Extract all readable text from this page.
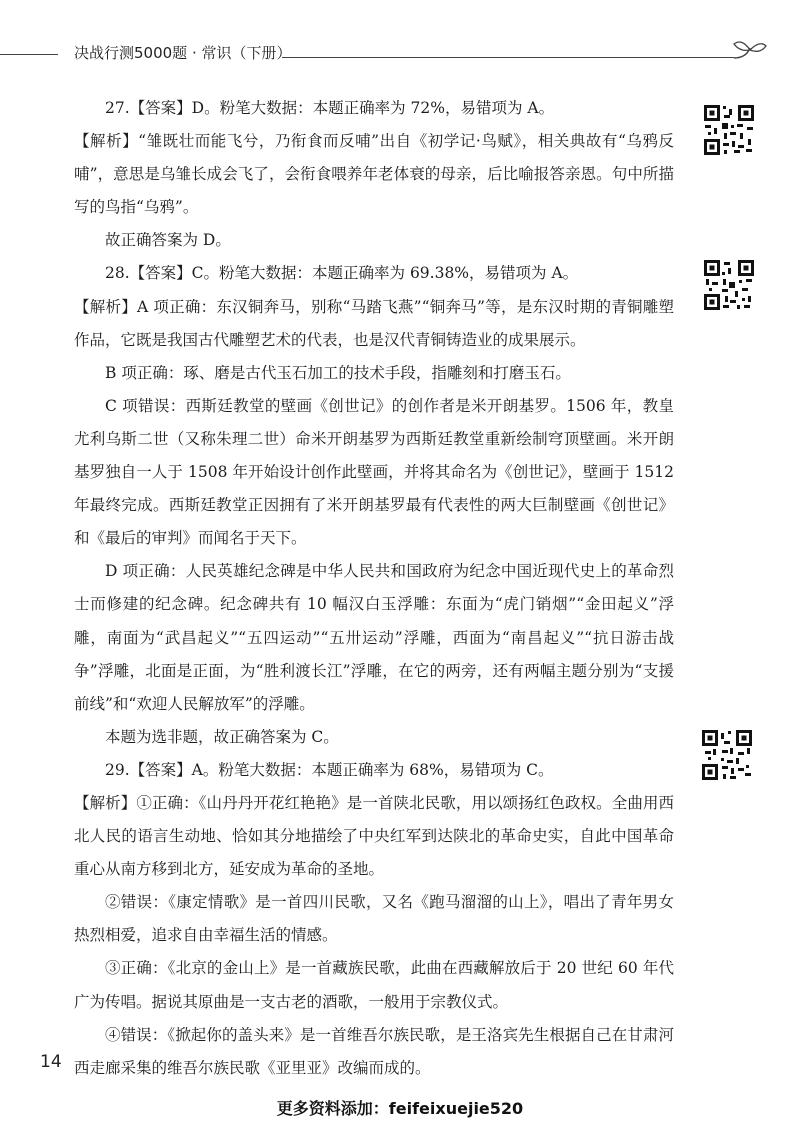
决战行测5000题 · 常识（下册）

27.【答案】D。粉笔大数据：本题正确率为 72%，易错项为 A。

【解析】“雏既壮而能飞兮，乃衔食而反哺”出自《初学记·鸟赋》，相关典故有“乌鸦反哺”，意思是乌雏长成会飞了，会衔食喂养年老体衰的母亲，后比喻报答亲恩。句中所描写的鸟指“乌鸦”。

故正确答案为 D。

28.【答案】C。粉笔大数据：本题正确率为 69.38%，易错项为 A。

【解析】A 项正确：东汉铜奔马，别称“马踏飞燕”“铜奔马”等，是东汉时期的青铜雕塑作品，它既是我国古代雕塑艺术的代表，也是汉代青铜铸造业的成果展示。

B 项正确：琢、磨是古代玉石加工的技术手段，指雕刻和打磨玉石。

C 项错误：西斯廷教堂的壁画《创世记》的创作者是米开朗基罗。1506 年，教皇尤利乌斯二世（又称朱理二世）命米开朗基罗为西斯廷教堂重新绘制穹顶壁画。米开朗基罗独自一人于 1508 年开始设计创作此壁画，并将其命名为《创世记》，壁画于 1512 年最终完成。西斯廷教堂正因拥有了米开朗基罗最有代表性的两大巨制壁画《创世记》和《最后的审判》而闻名于天下。

D 项正确：人民英雄纪念碑是中华人民共和国政府为纪念中国近现代史上的革命烈士而修建的纪念碑。纪念碑共有 10 幅汉白玉浮雕：东面为“虎门销烟”“金田起义”浮雕，南面为“武昌起义”“五四运动”“五卅运动”浮雕，西面为“南昌起义”“抗日游击战争”浮雕，北面是正面，为“胜利渡长江”浮雕，在它的两旁，还有两幅主题分别为“支援前线”和“欢迎人民解放军”的浮雕。

本题为选非题，故正确答案为 C。

29.【答案】A。粉笔大数据：本题正确率为 68%，易错项为 C。

【解析】①正确：《山丹丹开花红艳艳》是一首陕北民歌，用以颂扬红色政权。全曲用西北人民的语言生动地、恰如其分地描绘了中央红军到达陕北的革命史实，自此中国革命重心从南方移到北方，延安成为革命的圣地。

②错误：《康定情歌》是一首四川民歌，又名《跑马溜溜的山上》，唱出了青年男女热烈相爱，追求自由幸福生活的情感。

③正确：《北京的金山上》是一首藏族民歌，此曲在西藏解放后于 20 世纪 60 年代广为传唱。据说其原曲是一支古老的酒歌，一般用于宗教仪式。

④错误：《掀起你的盖头来》是一首维吾尔族民歌，是王洛宾先生根据自己在甘肃河西走廊采集的维吾尔族民歌《亚里亚》改编而成的。

14
更多资料添加：feifeixuejie520
